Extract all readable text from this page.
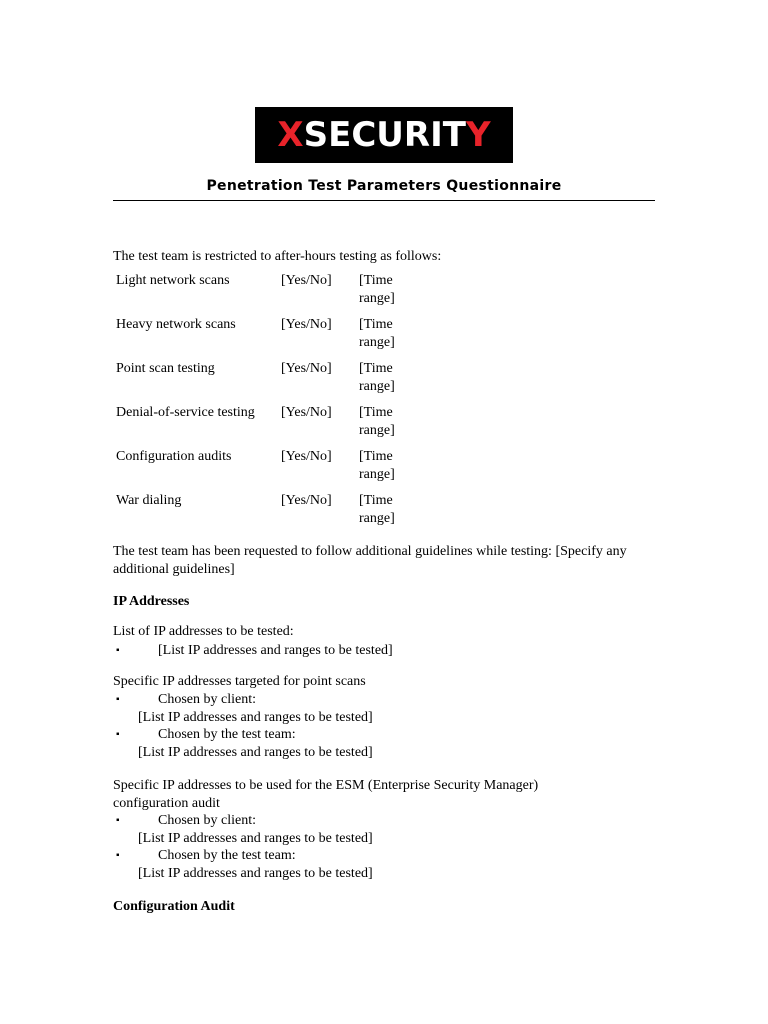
XSECURITY
Penetration Test Parameters Questionnaire
The test team is restricted to after-hours testing as follows:
Light network scans	[Yes/No] [Time
range]
Heavy network scans	[Yes/No] [Time
range]
Point scan testing	[Yes/No] [Time
range]
Denial-of-service testing	[Yes/No] [Time
range]
Configuration audits	[Yes/No] [Time
range]
War dialing	[Yes/No] [Time
range]
The test team has been requested to follow additional guidelines while testing: [Specify any additional guidelines]
IP Addresses
List of IP addresses to be tested:
▪	[List IP addresses and ranges to be tested]
Specific IP addresses targeted for point scans
▪	Chosen by client:
[List IP addresses and ranges to be tested]
▪	Chosen by the test team:
[List IP addresses and ranges to be tested]
Specific IP addresses to be used for the ESM (Enterprise Security Manager) configuration audit
▪	Chosen by client:
[List IP addresses and ranges to be tested]
▪	Chosen by the test team:
[List IP addresses and ranges to be tested]
Configuration Audit
